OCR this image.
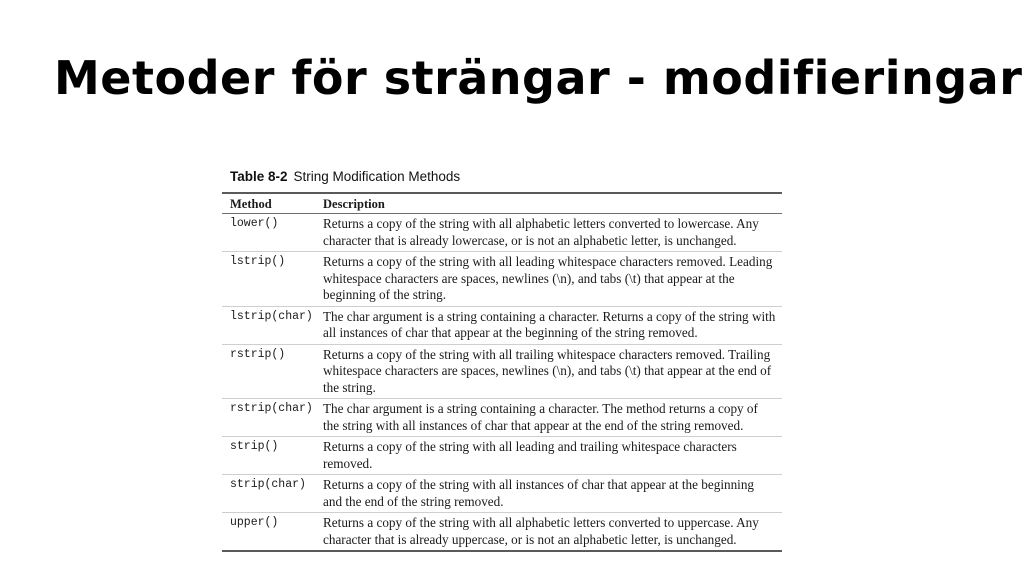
Metoder för strängar - modifieringar
Table 8-2 String Modification Methods
Method	Description
lower()	Returns a copy of the string with all alphabetic letters converted to lowercase. Any character that is already lowercase, or is not an alphabetic letter, is unchanged.
lstrip()	Returns a copy of the string with all leading whitespace characters removed. Leading whitespace characters are spaces, newlines (\n), and tabs (\t) that appear at the beginning of the string.
lstrip(char) The char argument is a string containing a character. Returns a copy of the string with all instances of char that appear at the beginning of the string removed.
rstrip()	Returns a copy of the string with all trailing whitespace characters removed. Trailing whitespace characters are spaces, newlines (\n), and tabs (\t) that appear at the end of the string.
rstrip(char) The char argument is a string containing a character. The method returns a copy of the string with all instances of char that appear at the end of the string removed.
strip()	Returns a copy of the string with all leading and trailing whitespace characters removed.
strip(char)	Returns a copy of the string with all instances of char that appear at the beginning and the end of the string removed.
upper()	Returns a copy of the string with all alphabetic letters converted to uppercase. Any character that is already uppercase, or is not an alphabetic letter, is unchanged.
